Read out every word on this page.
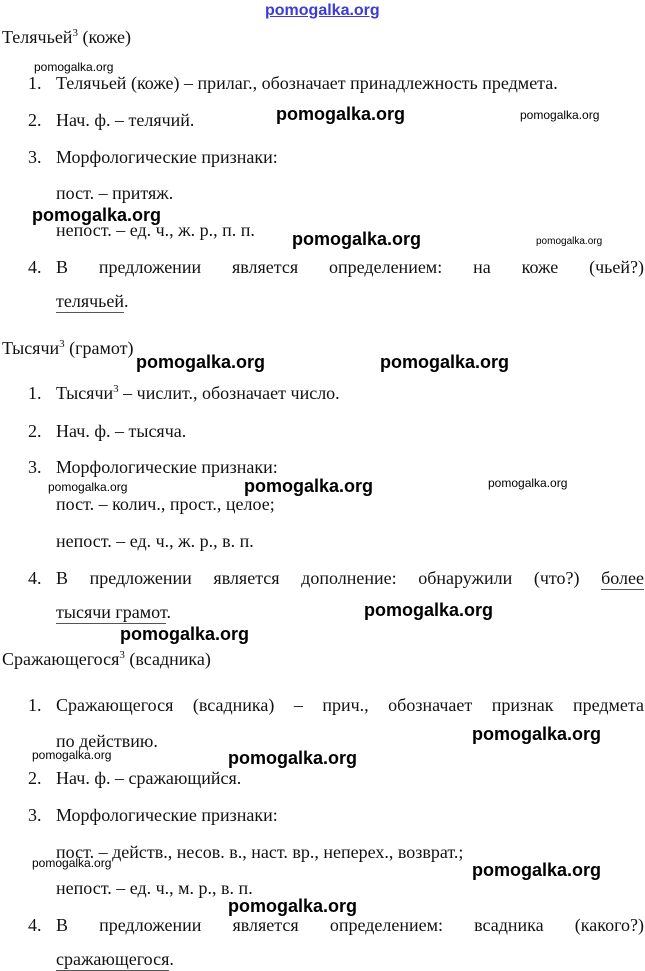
pomogalka.org
Телячьей$^3$ (коже)
1. Телячьей (коже) – прилаг., обозначает принадлежность предмета.
2. Нач. ф. – телячий.
3. Морфологические признаки:
пост. – притяж.
непост. – ед. ч., ж. р., п. п.
4. В предложении является определением: на коже (чьей?)
телячьей.
Тысячи$^3$ (грамот)
1. Тысячи$^3$ – числит., обозначает число.
2. Нач. ф. – тысяча.
3. Морфологические признаки:
пост. – колич., прост., целое;
непост. – ед. ч., ж. р., в. п.
4. В предложении является дополнение: обнаружили (что?) более
тысячи грамот.
Сражающегося$^3$ (всадника)
1. Сражающегося (всадника) – прич., обозначает признак предмета
по действию.
2. Нач. ф. – сражающийся.
3. Морфологические признаки:
пост. – действ., несов. в., наст. вр., неперех., возврат.;
непост. – ед. ч., м. р., в. п.
4. В предложении является определением: всадника (какого?)
сражающегося.
pomogalka.org
pomogalka.org	pomogalka.org
pomogalka.org
pomogalka.org	pomogalka.org
pomogalka.org	pomogalka.org
pomogalka.org	pomogalka.org	pomogalka.org
pomogalka.org
pomogalka.org
pomogalka.org
pomogalka.org	pomogalka.org
pomogalka.org	pomogalka.org
pomogalka.org
